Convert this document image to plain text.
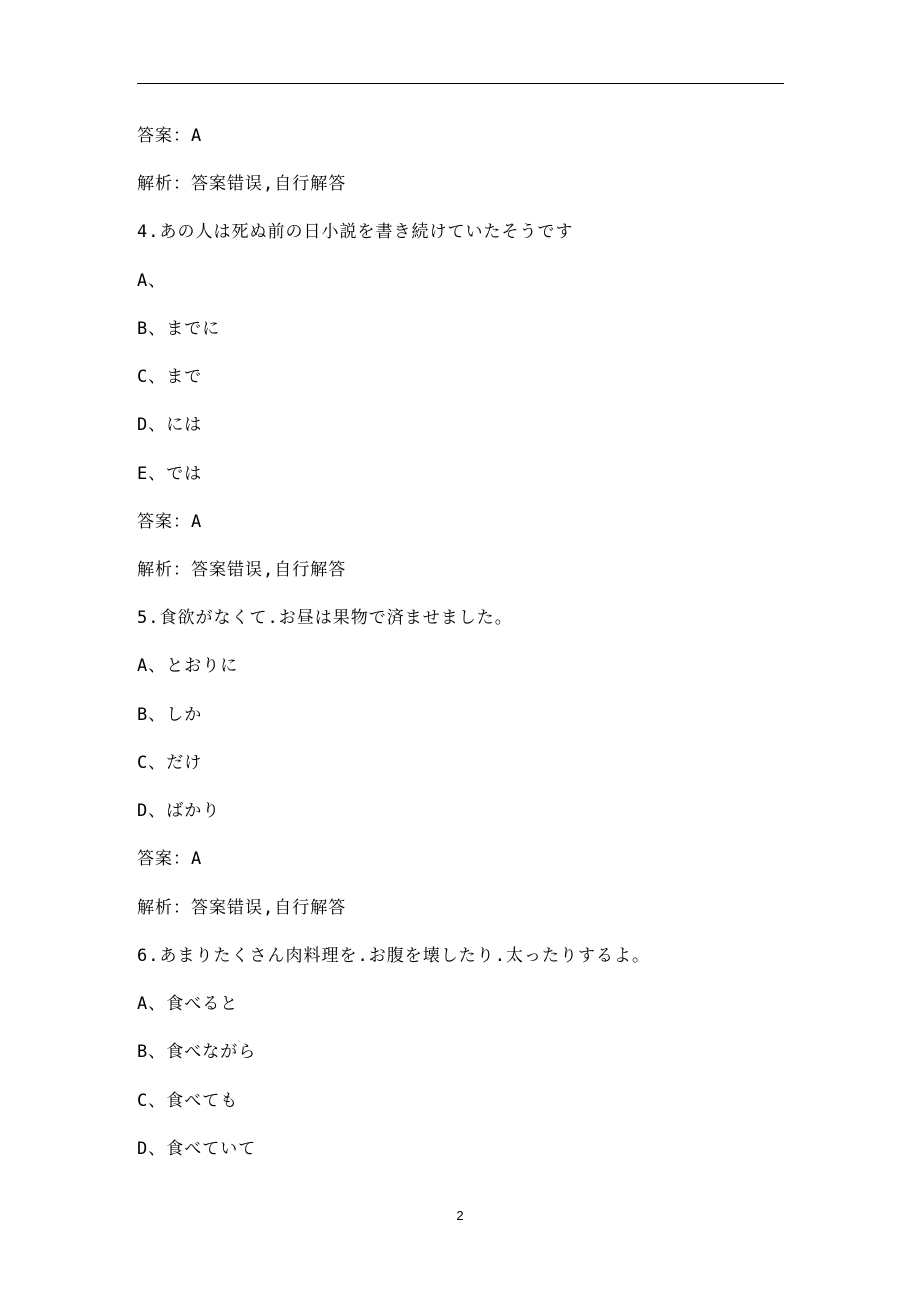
答案：A
解析：答案错误,自行解答
4.あの人は死ぬ前の日小説を書き続けていたそうです
A、
B、までに
C、まで
D、には
E、では
答案：A
解析：答案错误,自行解答
5.食欲がなくて.お昼は果物で済ませました。
A、とおりに
B、しか
C、だけ
D、ばかり
答案：A
解析：答案错误,自行解答
6.あまりたくさん肉料理を.お腹を壊したり.太ったりするよ。
A、食べると
B、食べながら
C、食べても
D、食べていて
2
